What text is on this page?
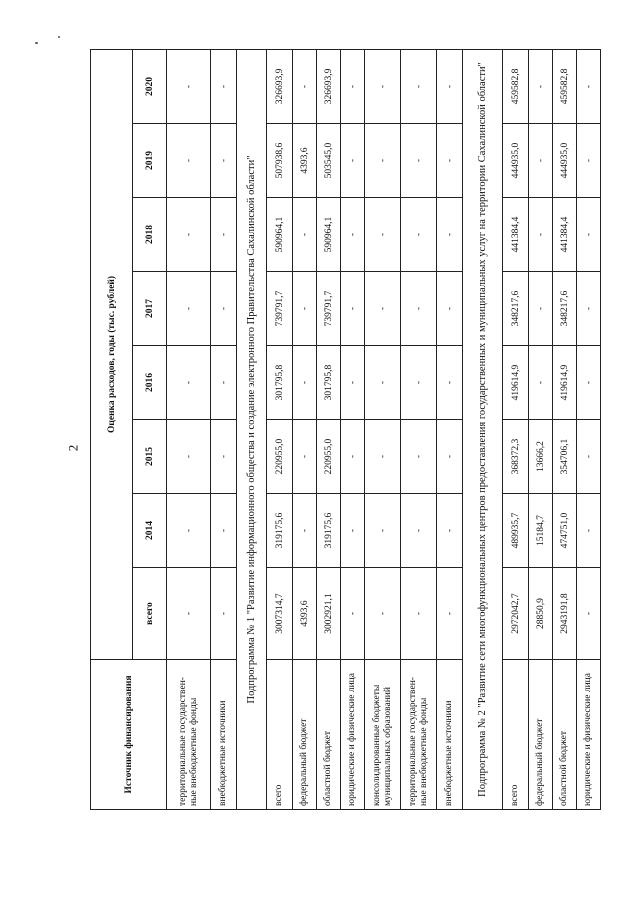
2
Источник финансирования	Оценка расходов, годы (тыс. рублей)							
	всего	2014	2015	2016	2017	2018	2019	2020
территориальные государствен-ные внебюджетные фонды	-	-	-	-	-	-	-	-
внебюджетные источники	-	-	-	-	-	-	-	-
Подпрограмма № 1 "Развитие информационного общества и создание электронного Правительства Сахалинской области"								
всего	3007314,7	319175,6	220955,0	301795,8	739791,7	590964,1	507938,6	326693,9
федеральный бюджет	4393,6	-	-	-	-	-	4393,6	-
областной бюджет	3002921,1	319175,6	220955,0	301795,8	739791,7	590964,1	503545,0	326693,9
юридические и физические лица	-	-	-	-	-	-	-	-
консолидированные бюджеты муниципальных образований	-	-	-	-	-	-	-	-
территориальные государствен-ные внебюджетные фонды	-	-	-	-	-	-	-	-
внебюджетные источники	-	-	-	-	-	-	-	-
Подпрограмма № 2 "Развитие сети многофункциональных центров предоставления государственных и муниципальных услуг на территории Сахалинской области"								
всего	2972042,7	489935,7	368372,3	419614,9	348217,6	441384,4	444935,0	459582,8
федеральный бюджет	28850,9	15184,7	13666,2	-	-	-	-	-
областной бюджет	2943191,8	474751,0	354706,1	419614,9	348217,6	441384,4	444935,0	459582,8
юридические и физические лица	-	-	-	-	-	-	-	-
